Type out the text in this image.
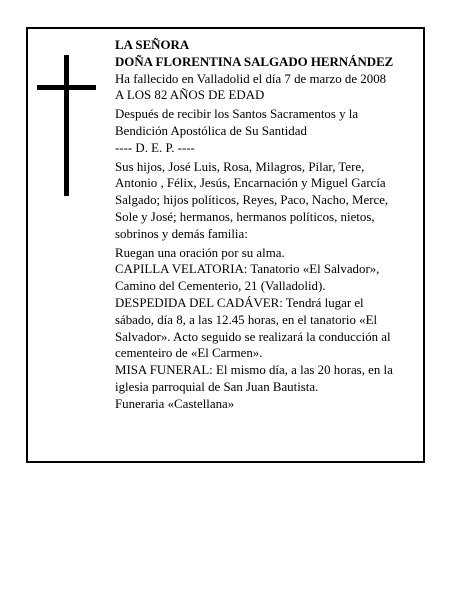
LA SEÑORA
DOÑA FLORENTINA SALGADO HERNÁNDEZ
Ha fallecido en Valladolid el día 7 de marzo de 2008
A LOS 82 AÑOS DE EDAD
Después de recibir los Santos Sacramentos y la
Bendición Apostólica de Su Santidad
---- D. E. P. ----
Sus hijos, José Luis, Rosa, Milagros, Pilar, Tere,
Antonio , Félix, Jesús, Encarnación y Miguel García
Salgado; hijos políticos, Reyes, Paco, Nacho, Merce,
Sole y José; hermanos, hermanos políticos, nietos,
sobrinos y demás familia:
Ruegan una oración por su alma.
CAPILLA VELATORIA: Tanatorio «El Salvador»,
Camino del Cementerio, 21 (Valladolid).
DESPEDIDA DEL CADÁVER: Tendrá lugar el
sábado, día 8, a las 12.45 horas, en el tanatorio «El
Salvador». Acto seguido se realizará la conducción al
cementeiro de «El Carmen».
MISA FUNERAL: El mismo día, a las 20 horas, en la
iglesia parroquial de San Juan Bautista.
Funeraria «Castellana»
